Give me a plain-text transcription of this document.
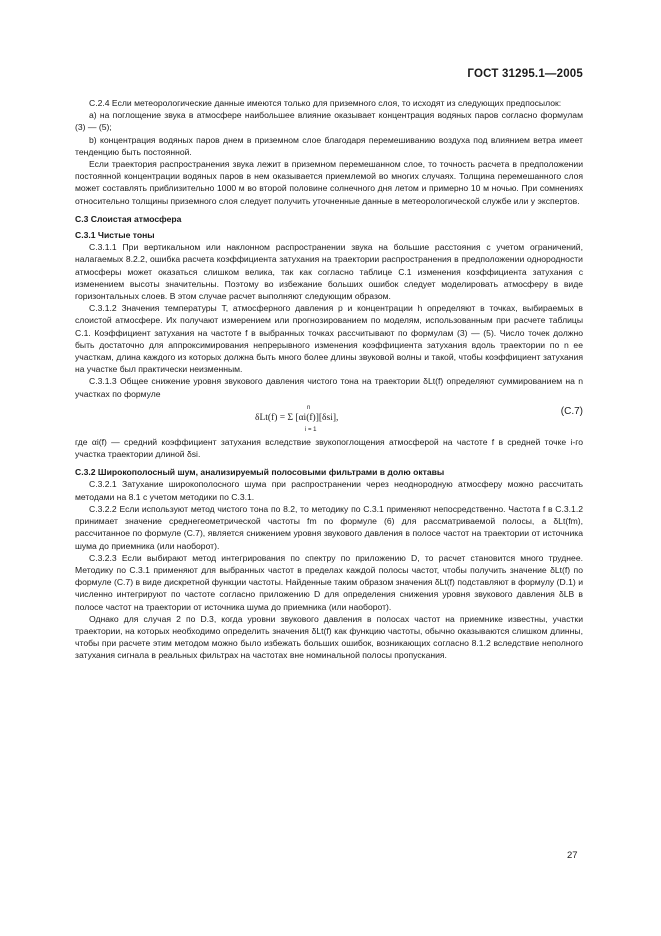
ГОСТ 31295.1—2005

С.2.4 Если метеорологические данные имеются только для приземного слоя, то исходят из следующих предпосылок:

а) на поглощение звука в атмосфере наибольшее влияние оказывает концентрация водяных паров согласно формулам (3) — (5);

b) концентрация водяных паров днем в приземном слое благодаря перемешиванию воздуха под влиянием ветра имеет тенденцию быть постоянной.

Если траектория распространения звука лежит в приземном перемешанном слое, то точность расчета в предположении постоянной концентрации водяных паров в нем оказывается приемлемой во многих случаях. Толщина перемешанного слоя может составлять приблизительно 1000 м во второй половине солнечного дня летом и примерно 10 м ночью. При сомнениях относительно толщины приземного слоя следует получить уточненные данные в метеорологической службе или у экспертов.

С.3 Слоистая атмосфера

С.3.1 Чистые тоны

С.3.1.1 При вертикальном или наклонном распространении звука на большие расстояния с учетом ограничений, налагаемых 8.2.2, ошибка расчета коэффициента затухания на траектории распространения в предположении однородности атмосферы может оказаться слишком велика, так как согласно таблице С.1 изменения коэффициента затухания с изменением высоты значительны. Поэтому во избежание больших ошибок следует моделировать атмосферу в виде горизонтальных слоев. В этом случае расчет выполняют следующим образом.

С.3.1.2 Значения температуры T, атмосферного давления p и концентрации h определяют в точках, выбираемых в слоистой атмосфере. Их получают измерением или прогнозированием по моделям, использованным при расчете таблицы С.1. Коэффициент затухания на частоте f в выбранных точках рассчитывают по формулам (3) — (5). Число точек должно быть достаточно для аппроксимирования непрерывного изменения коэффициента затухания вдоль траектории по n ее участкам, длина каждого из которых должна быть много более длины звуковой волны и такой, чтобы коэффициент затухания на участке был практически неизменным.

С.3.1.3 Общее снижение уровня звукового давления чистого тона на траектории δLt(f) определяют суммированием на n участках по формуле

n
δLt(f) = Σ [αi(f)][δsi],
i = 1
(C.7)

где αi(f) — средний коэффициент затухания вследствие звукопоглощения атмосферой на частоте f в средней точке i-го участка траектории длиной δsi.

С.3.2 Широкополосный шум, анализируемый полосовыми фильтрами в долю октавы

С.3.2.1 Затухание широкополосного шума при распространении через неоднородную атмосферу можно рассчитать методами на 8.1 с учетом методики по С.3.1.

С.3.2.2 Если используют метод чистого тона по 8.2, то методику по С.3.1 применяют непосредственно. Частота f в С.3.1.2 принимает значение среднегеометрической частоты fm по формуле (6) для рассматриваемой полосы, а δLt(fm), рассчитанное по формуле (С.7), является снижением уровня звукового давления в полосе частот на траектории от источника шума до приемника (или наоборот).

С.3.2.3 Если выбирают метод интегрирования по спектру по приложению D, то расчет становится много труднее. Методику по С.3.1 применяют для выбранных частот в пределах каждой полосы частот, чтобы получить значение δLt(f) по формуле (С.7) в виде дискретной функции частоты. Найденные таким образом значения δLt(f) подставляют в формулу (D.1) и численно интегрируют по частоте согласно приложению D для определения снижения уровня звукового давления δLB в полосе частот на траектории от источника шума до приемника (или наоборот).

Однако для случая 2 по D.3, когда уровни звукового давления в полосах частот на приемнике известны, участки траектории, на которых необходимо определить значения δLt(f) как функцию частоты, обычно оказываются слишком длинны, чтобы при расчете этим методом можно было избежать больших ошибок, возникающих согласно 8.1.2 вследствие неполного затухания сигнала в реальных фильтрах на частотах вне номинальной полосы пропускания.

27
